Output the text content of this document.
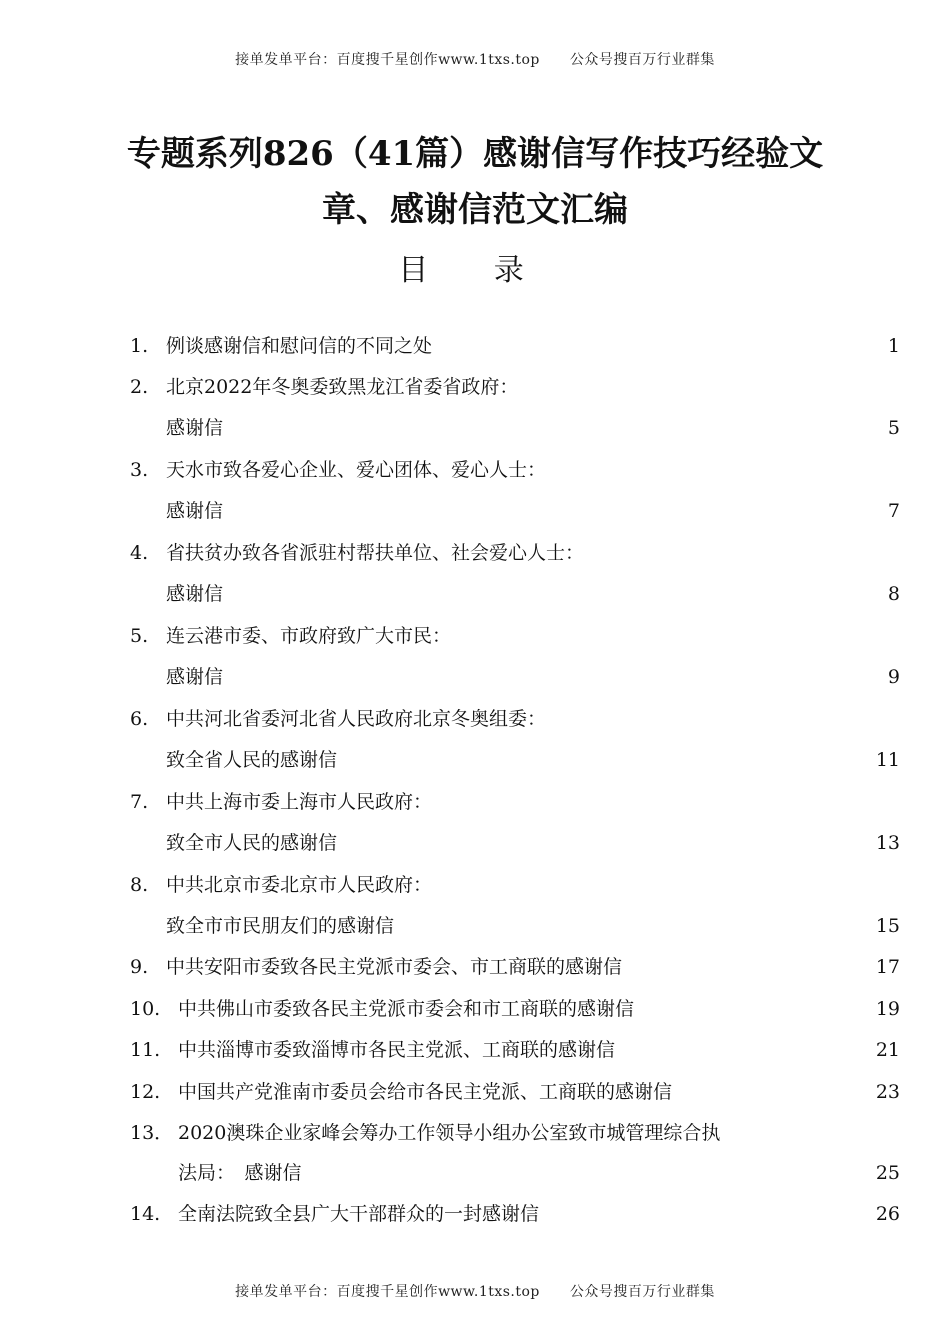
接单发单平台：百度搜千星创作www.1txs.top 公众号搜百万行业群集
专题系列826（41篇）感谢信写作技巧经验文
章、感谢信范文汇编
目 录
1. 例谈感谢信和慰问信的不同之处	1
2. 北京2022年冬奥委致黑龙江省委省政府：
感谢信	5
3. 天水市致各爱心企业、爱心团体、爱心人士：
感谢信	7
4. 省扶贫办致各省派驻村帮扶单位、社会爱心人士：
感谢信	8
5. 连云港市委、市政府致广大市民：
感谢信	9
6. 中共河北省委河北省人民政府北京冬奥组委：
致全省人民的感谢信	11
7. 中共上海市委上海市人民政府：
致全市人民的感谢信	13
8. 中共北京市委北京市人民政府：
致全市市民朋友们的感谢信	15
9. 中共安阳市委致各民主党派市委会、市工商联的感谢信	17
10. 中共佛山市委致各民主党派市委会和市工商联的感谢信	19
11. 中共淄博市委致淄博市各民主党派、工商联的感谢信	21
12. 中国共产党淮南市委员会给市各民主党派、工商联的感谢信	23
13． 2020澳珠企业家峰会筹办工作领导小组办公室致市城管理综合执
法局：　感谢信	25
14. 全南法院致全县广大干部群众的一封感谢信	26
接单发单平台：百度搜千星创作www.1txs.top 公众号搜百万行业群集
